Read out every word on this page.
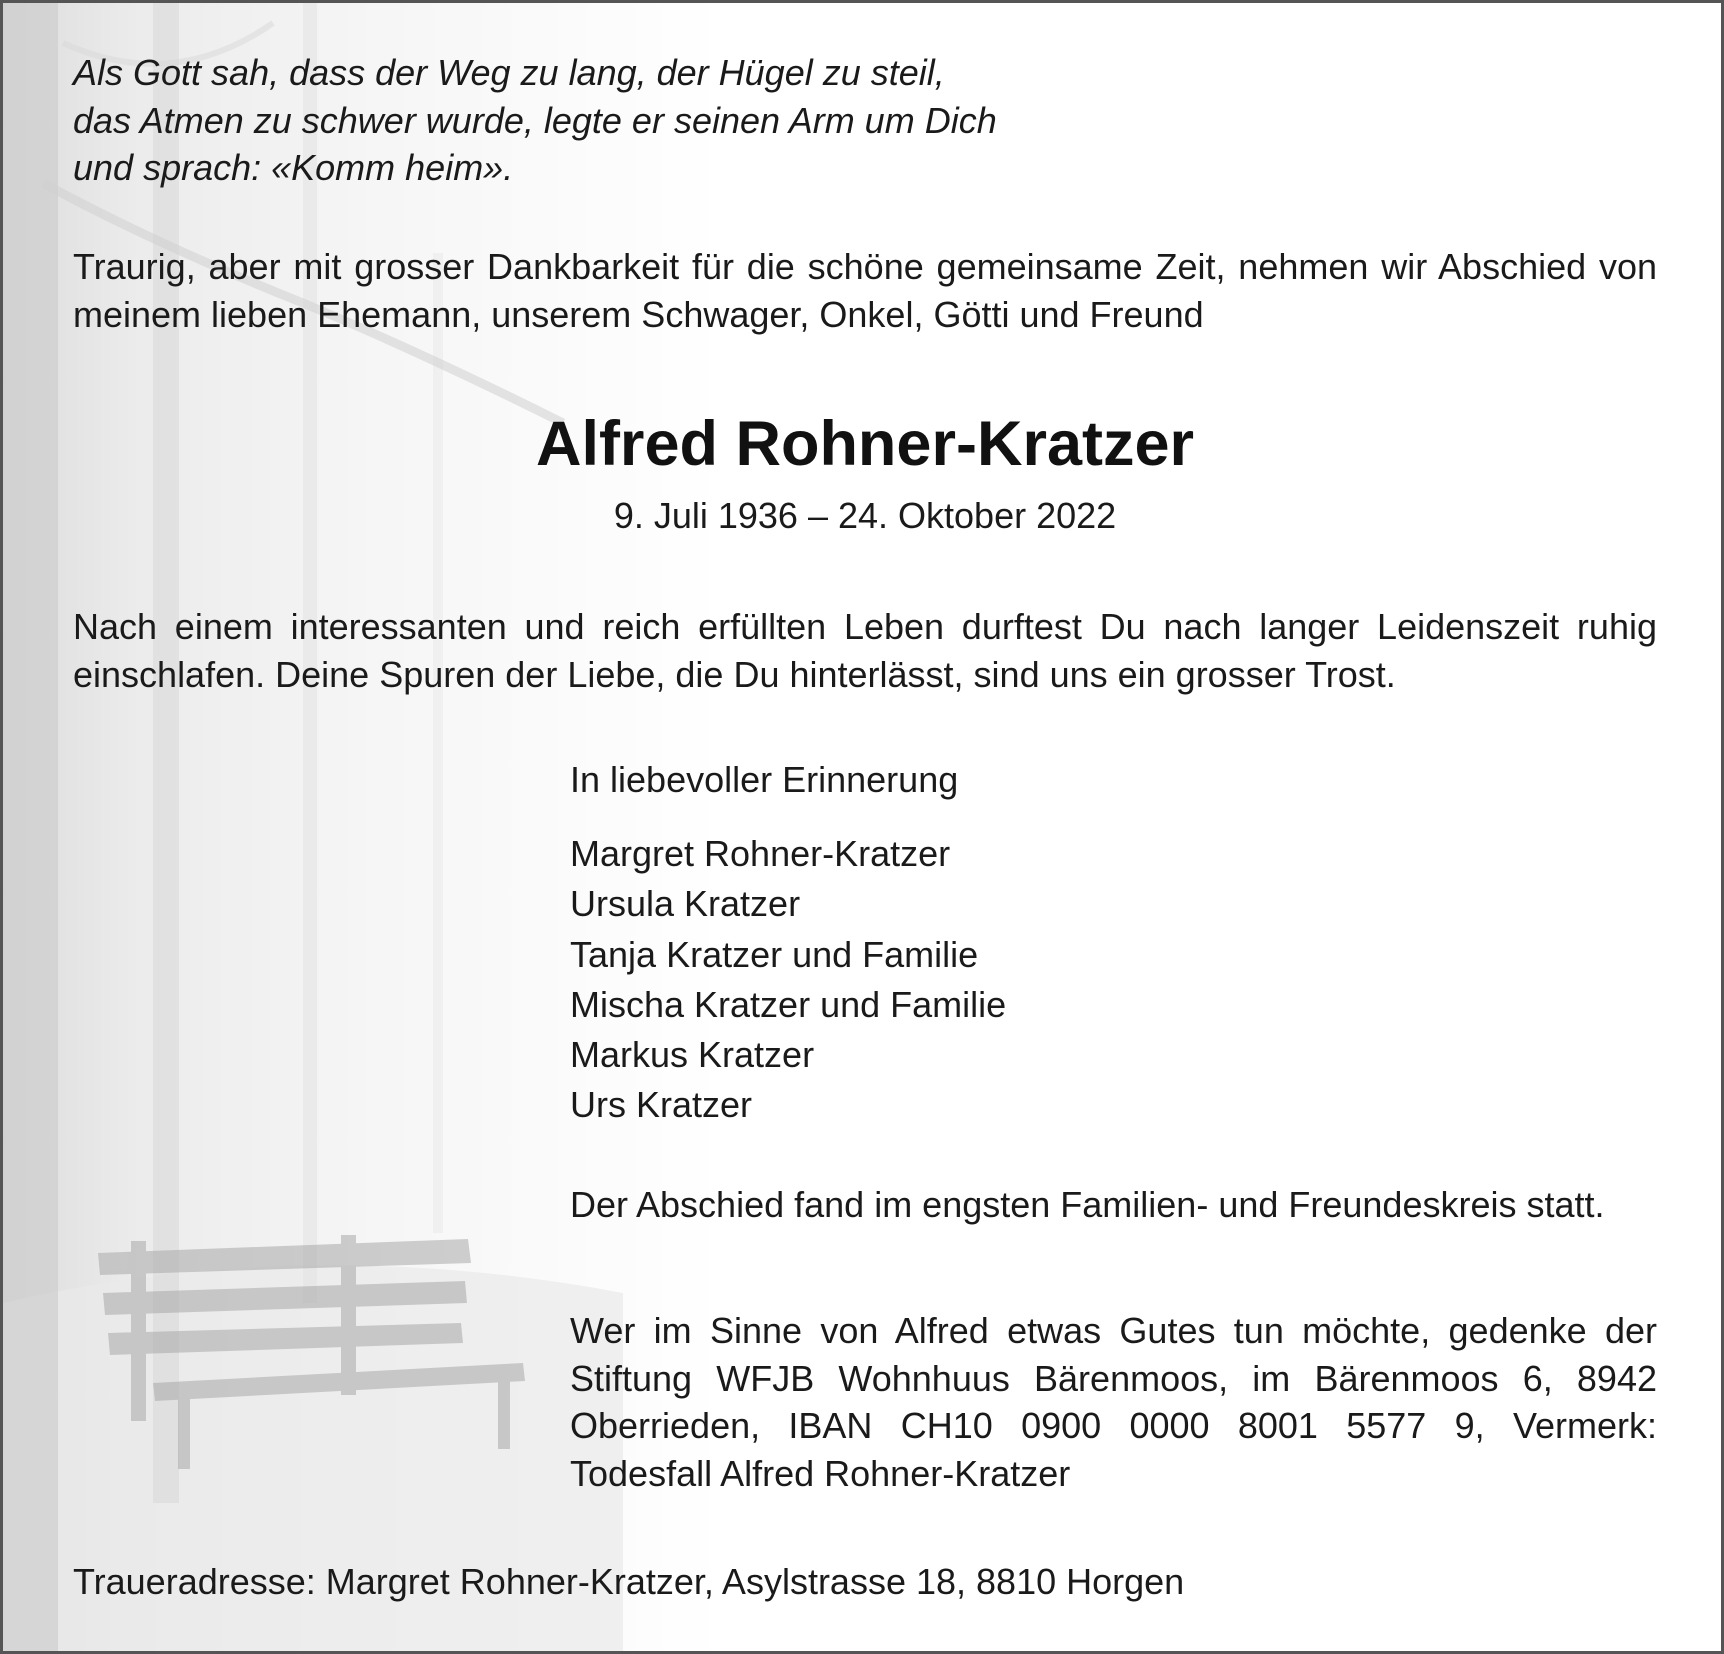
Als Gott sah, dass der Weg zu lang, der Hügel zu steil,
das Atmen zu schwer wurde, legte er seinen Arm um Dich
und sprach: «Komm heim».
Traurig, aber mit grosser Dankbarkeit für die schöne gemeinsame Zeit, nehmen wir Abschied von meinem lieben Ehemann, unserem Schwager, Onkel, Götti und Freund
Alfred Rohner-Kratzer
9. Juli 1936 – 24. Oktober 2022
Nach einem interessanten und reich erfüllten Leben durftest Du nach langer Leidenszeit ruhig einschlafen. Deine Spuren der Liebe, die Du hinterlässt, sind uns ein grosser Trost.
In liebevoller Erinnerung
Margret Rohner-Kratzer
Ursula Kratzer
Tanja Kratzer und Familie
Mischa Kratzer und Familie
Markus Kratzer
Urs Kratzer
Der Abschied fand im engsten Familien- und Freundeskreis statt.
Wer im Sinne von Alfred etwas Gutes tun möchte, gedenke der Stiftung WFJB Wohnhuus Bärenmoos, im Bärenmoos 6, 8942 Oberrieden, IBAN CH10 0900 0000 8001 5577 9, Vermerk: Todesfall Alfred Rohner-Kratzer
Traueradresse: Margret Rohner-Kratzer, Asylstrasse 18, 8810 Horgen
